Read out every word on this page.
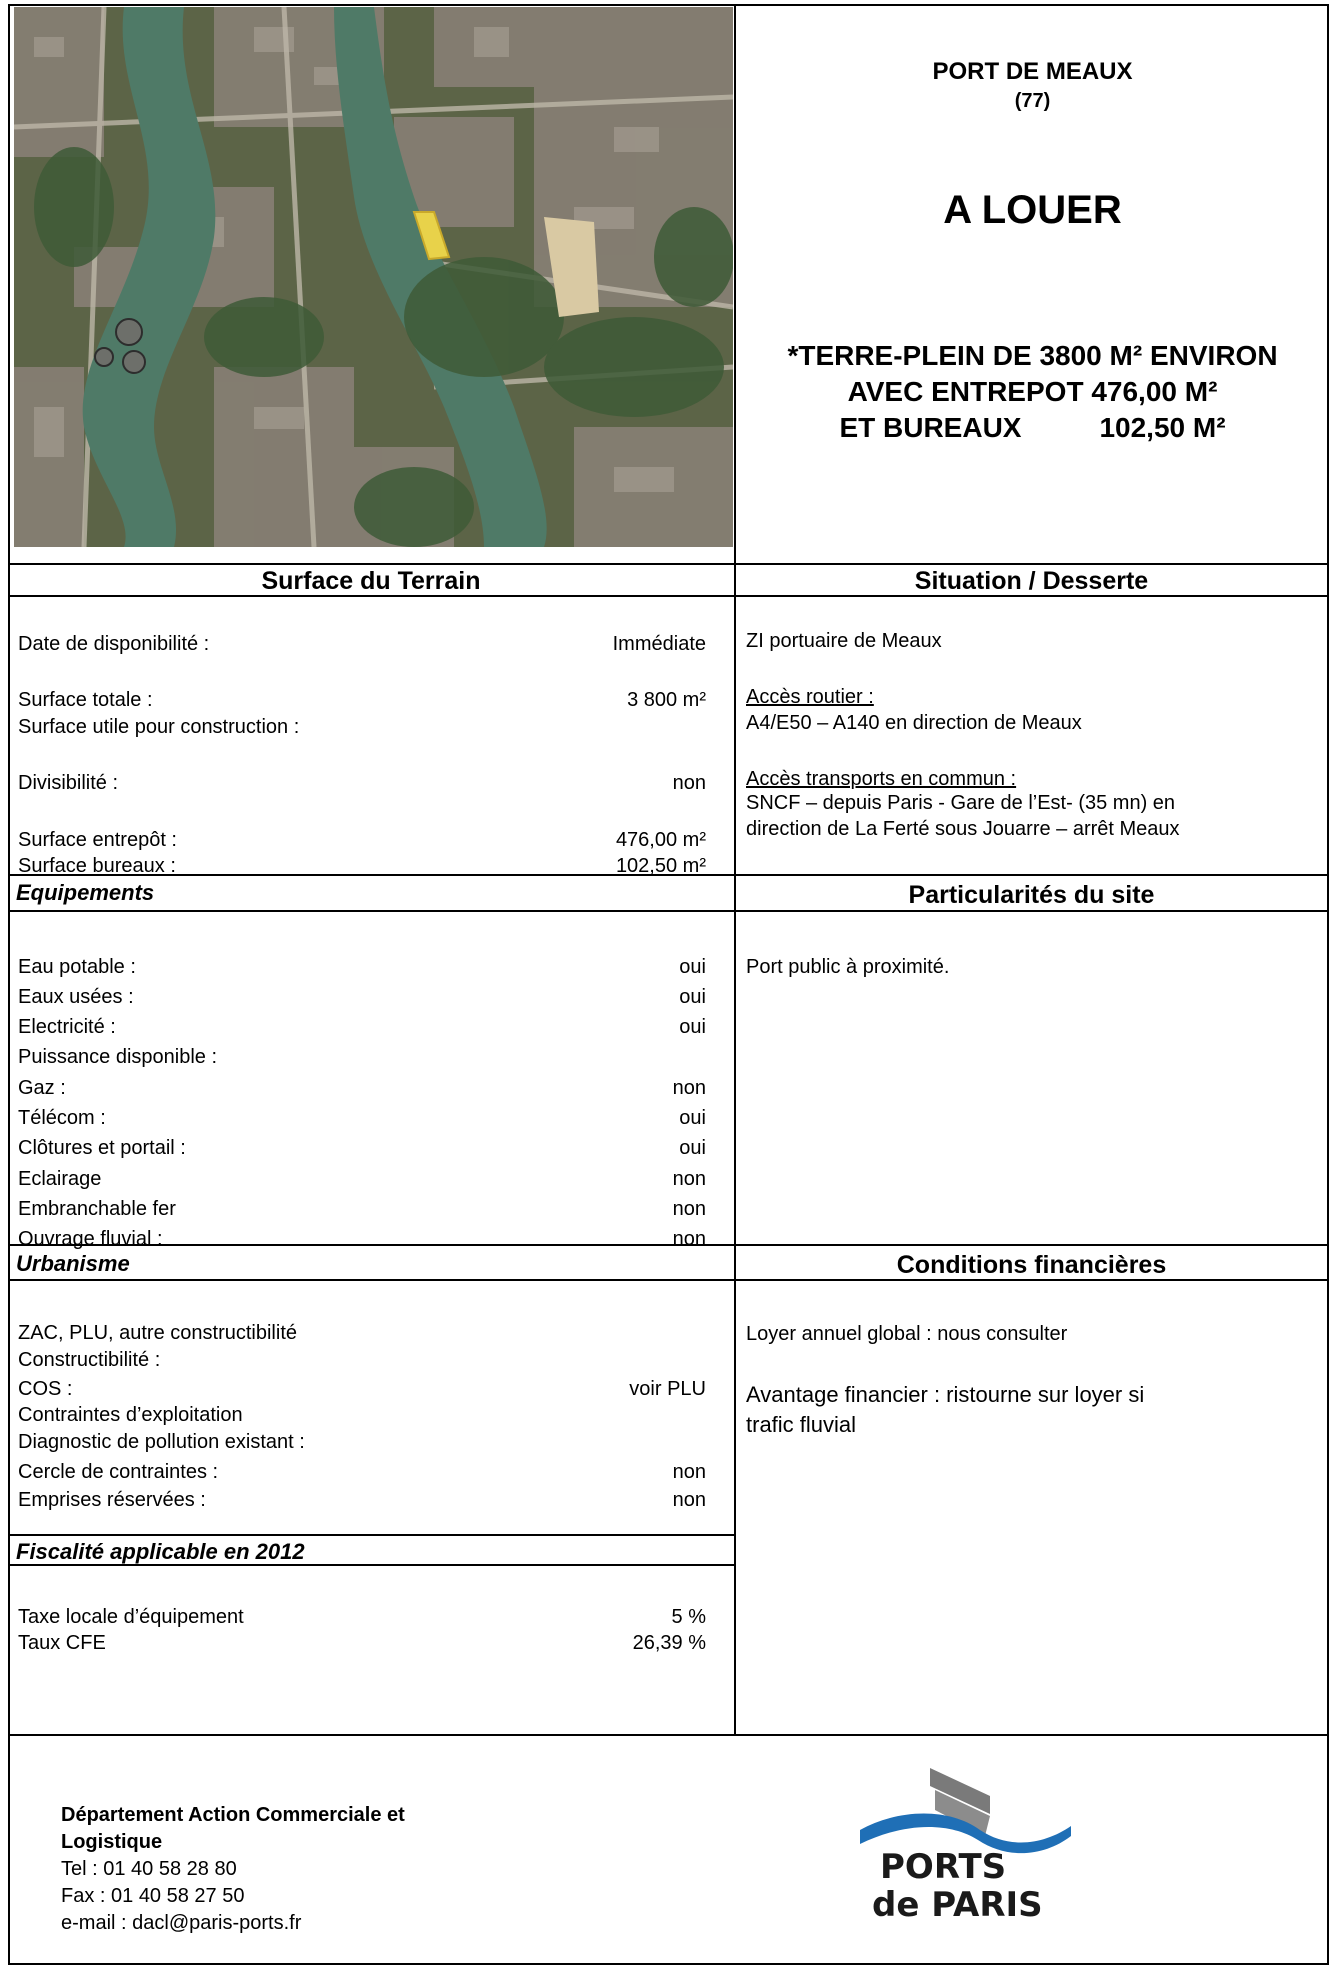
PORT DE MEAUX
(77)
A LOUER
*TERRE-PLEIN DE 3800 M² ENVIRON
AVEC ENTREPOT 476,00 M²
ET BUREAUX	102,50 M²
Surface du Terrain	Situation / Desserte
Equipements	Particularités du site
Urbanisme	Conditions financières
Fiscalité applicable en 2012
Date de disponibilité :	Immédiate
Surface totale :	3 800 m²
Surface utile pour construction :
Divisibilité :	non
Surface entrepôt :	476,00 m²
Surface bureaux :	102,50 m²
ZI portuaire de Meaux
Accès routier :
A4/E50 – A140 en direction de Meaux
Accès transports en commun :
SNCF – depuis Paris - Gare de l’Est- (35 mn) en
direction de La Ferté sous Jouarre – arrêt Meaux
Eau potable :	oui
Eaux usées :	oui
Electricité :	oui
Puissance disponible :
Gaz :	non
Télécom :	oui
Clôtures et portail :	oui
Eclairage	non
Embranchable fer	non
Ouvrage fluvial :	non
Port public à proximité.
ZAC, PLU, autre constructibilité
Constructibilité :
COS :	voir PLU
Contraintes d’exploitation
Diagnostic de pollution existant :
Cercle de contraintes :	non
Emprises réservées :	non
Loyer annuel global : nous consulter
Avantage financier : ristourne sur loyer si
trafic fluvial
Taxe locale d’équipement	5 %
Taux CFE	26,39 %
Département Action Commerciale et
Logistique
Tel : 01 40 58 28 80
Fax : 01 40 58 27 50
e-mail : dacl@paris-ports.fr
PORTS
de PARIS
